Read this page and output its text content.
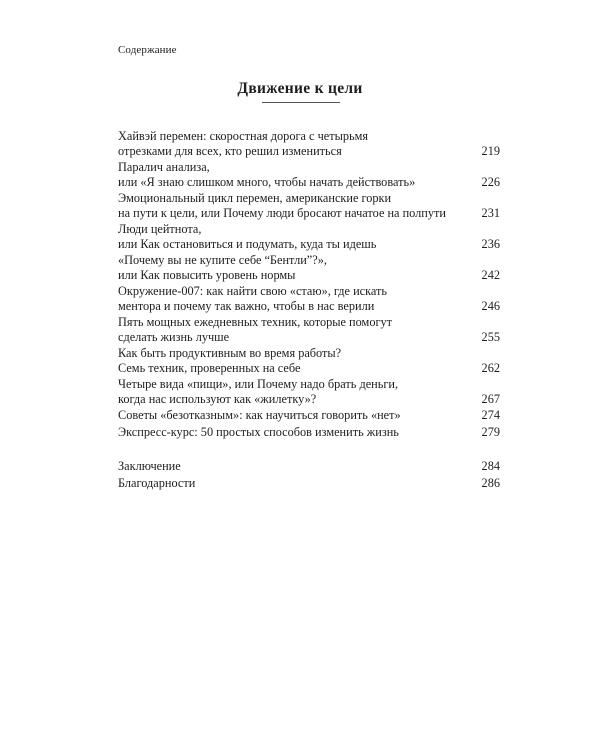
Содержание
Движение к цели
Хайвэй перемен: скоростная дорога с четырьмя
отрезками для всех, кто решил измениться	219
Паралич анализа,
или «Я знаю слишком много, чтобы начать действовать»	226
Эмоциональный цикл перемен, американские горки
на пути к цели, или Почему люди бросают начатое на полпути	231
Люди цейтнота,
или Как остановиться и подумать, куда ты идешь	236
«Почему вы не купите себе “Бентли”?»,
или Как повысить уровень нормы	242
Окружение-007: как найти свою «стаю», где искать
ментора и почему так важно, чтобы в нас верили	246
Пять мощных ежедневных техник, которые помогут
сделать жизнь лучше	255
Как быть продуктивным во время работы?
Семь техник, проверенных на себе	262
Четыре вида «пищи», или Почему надо брать деньги,
когда нас используют как «жилетку»?	267
Советы «безотказным»: как научиться говорить «нет»	274
Экспресс-курс: 50 простых способов изменить жизнь	279
Заключение	284
Благодарности	286
